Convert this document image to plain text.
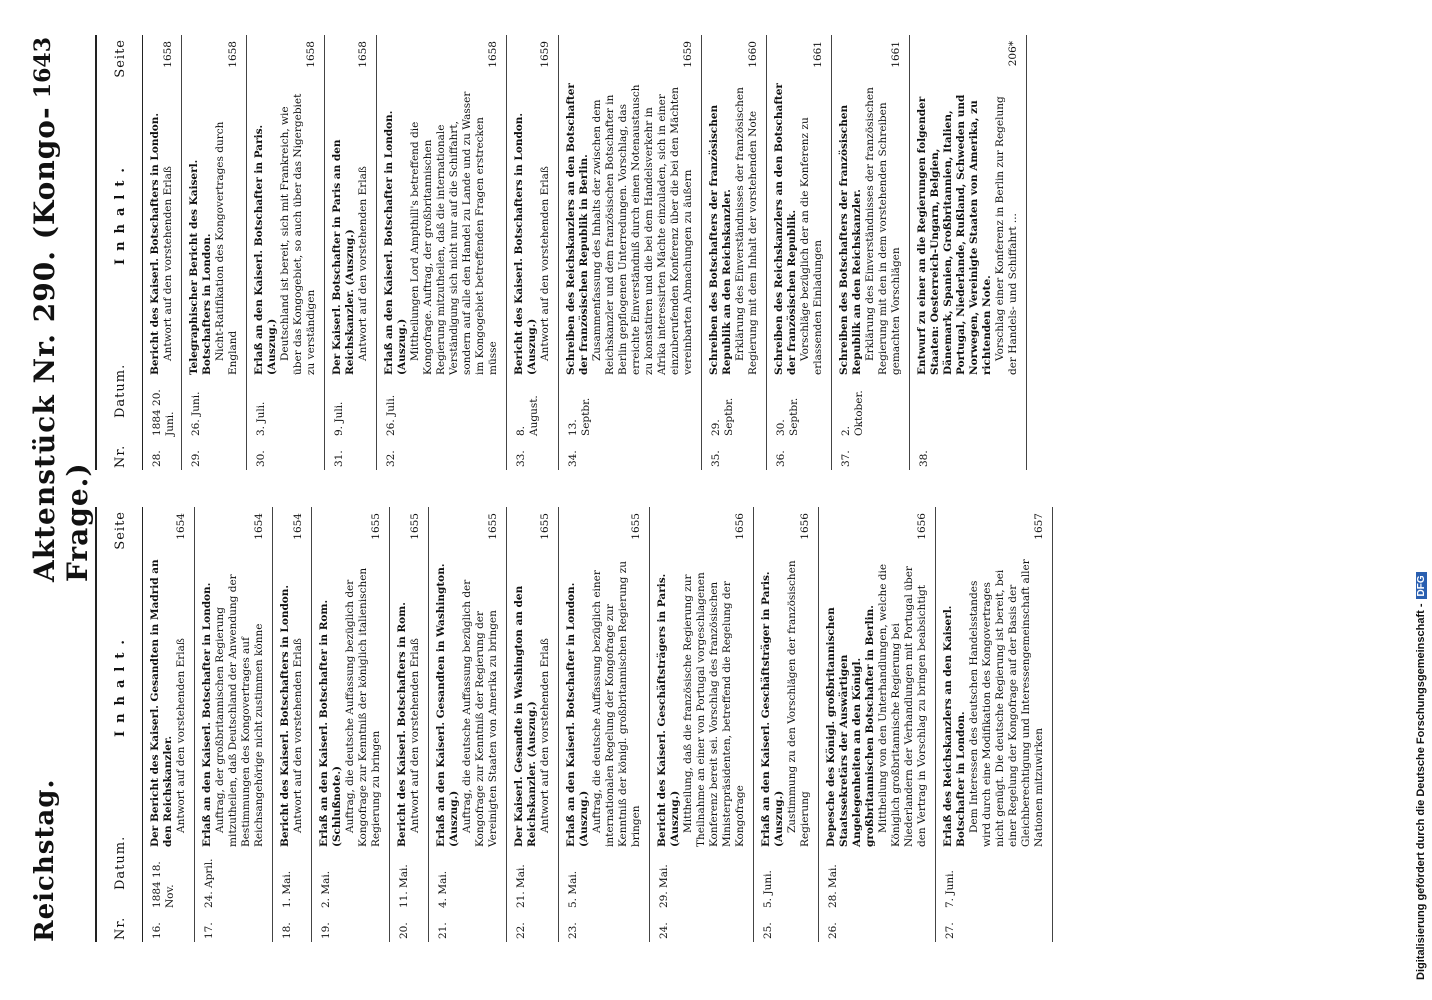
Reichstag.
Aktenstück Nr. 290. (Kongo-Frage.)
1643
Nr.
Datum.
Inhalt.
Seite
16.
1884 18. Nov.
Der Bericht des Kaiserl. Gesandten in Madrid an den Reichskanzler. Antwort auf den vorstehenden Erlaß
1654
17.
24. April.
Erlaß an den Kaiserl. Botschafter in London. Auftrag, der großbritannischen Regierung mitzutheilen, daß Deutschland der Anwendung der Bestimmungen des Kongovertrages auf Reichsangehörige nicht zustimmen könne
1654
18.
1. Mai.
Bericht des Kaiserl. Botschafters in London. Antwort auf den vorstehenden Erlaß
1654
19.
2. Mai.
Erlaß an den Kaiserl. Botschafter in Rom. (Schlußnote.) Auftrag, die deutsche Auffassung bezüglich der Kongofrage zur Kenntniß der königlich italienischen Regierung zu bringen
1655
20.
11. Mai.
Bericht des Kaiserl. Botschafters in Rom. Antwort auf den vorstehenden Erlaß
1655
21.
4. Mai.
Erlaß an den Kaiserl. Gesandten in Washington. (Auszug.) Auftrag, die deutsche Auffassung bezüglich der Kongofrage zur Kenntniß der Regierung der Vereinigten Staaten von Amerika zu bringen
1655
22.
21. Mai.
Der Kaiserl. Gesandte in Washington an den Reichskanzler. (Auszug.) Antwort auf den vorstehenden Erlaß
1655
23.
5. Mai.
Erlaß an den Kaiserl. Botschafter in London. (Auszug.) Auftrag, die deutsche Auffassung bezüglich einer internationalen Regelung der Kongofrage zur Kenntniß der königl. großbritannischen Regierung zu bringen
1655
24.
29. Mai.
Bericht des Kaiserl. Geschäftsträgers in Paris. (Auszug.) Mittheilung, daß die französische Regierung zur Theilnahme an einer von Portugal vorgeschlagenen Konferenz bereit sei. Vorschlag des französischen Ministerpräsidenten, betreffend die Regelung der Kongofrage
1656
25.
5. Juni.
Erlaß an den Kaiserl. Geschäftsträger in Paris. (Auszug.) Zustimmung zu den Vorschlägen der französischen Regierung
1656
26.
28. Mai.
Depesche des Königl. großbritannischen Staatssekretärs der Auswärtigen Angelegenheiten an den Königl. großbritannischen Botschafter in Berlin. Mittheilung von den Unterhandlungen, welche die Königlich großbritannische Regierung bei Niederlandern der Verhandlungen mit Portugal über den Vertrag in Vorschlag zu bringen beabsichtigt
1656
27.
7. Juni.
Erlaß des Reichskanzlers an den Kaiserl. Botschafter in London. Dem Interessen des deutschen Handelsstandes wird durch eine Modifikation des Kongovertrages nicht genügt. Die deutsche Regierung ist bereit, bei einer Regelung der Kongofrage auf der Basis der Gleichberechtigung und Interessengemeinschaft aller Nationen mitzuwirken
1657
Nr.
Datum.
Inhalt.
Seite
28.
1884 20. Juni.
Bericht des Kaiserl. Botschafters in London. Antwort auf den vorstehenden Erlaß
1658
29.
26. Juni.
Telegraphischer Bericht des Kaiserl. Botschafters in London. Nicht-Ratifikation des Kongovertrages durch England
1658
30.
3. Juli.
Erlaß an den Kaiserl. Botschafter in Paris. (Auszug.) Deutschland ist bereit, sich mit Frankreich, wie über das Kongogebiet, so auch über das Nigergebiet zu verständigen
1658
31.
9. Juli.
Der Kaiserl. Botschafter in Paris an den Reichskanzler. (Auszug.) Antwort auf den vorstehenden Erlaß
1658
32.
26. Juli.
Erlaß an den Kaiserl. Botschafter in London. (Auszug.) Mittheilungen Lord Ampthill's betreffend die Kongofrage. Auftrag, der großbritannischen Regierung mitzutheilen, daß die internationale Verständigung sich nicht nur auf die Schiffahrt, sondern auf alle den Handel zu Lande und zu Wasser im Kongogebiet betreffenden Fragen erstrecken müsse
1658
33.
8. August.
Bericht des Kaiserl. Botschafters in London. (Auszug.) Antwort auf den vorstehenden Erlaß
1659
34.
13. Septbr.
Schreiben des Reichskanzlers an den Botschafter der französischen Republik in Berlin. Zusammenfassung des Inhalts der zwischen dem Reichskanzler und dem französischen Botschafter in Berlin gepflogenen Unterredungen. Vorschlag, das erreichte Einverständniß durch einen Notenaustausch zu konstatiren und die bei dem Handelsverkehr in Afrika interessirten Mächte einzuladen, sich in einer einzuberufenden Konferenz über die bei den Mächten vereinbarten Abmachungen zu äußern
1659
35.
29. Septbr.
Schreiben des Botschafters der französischen Republik an den Reichskanzler. Erklärung des Einverständnisses der französischen Regierung mit dem Inhalt der vorstehenden Note
1660
36.
30. Septbr.
Schreiben des Reichskanzlers an den Botschafter der französischen Republik. Vorschläge bezüglich der an die Konferenz zu erlassenden Einladungen
1661
37.
2. Oktober.
Schreiben des Botschafters der französischen Republik an den Reichskanzler. Erklärung des Einverständnisses der französischen Regierung mit den in dem vorstehenden Schreiben gemachten Vorschlägen
1661
38.
Entwurf zu einer an die Regierungen folgender Staaten: Oesterreich-Ungarn, Belgien, Dänemark, Spanien, Großbritannien, Italien, Portugal, Niederlande, Rußland, Schweden und Norwegen, Vereinigte Staaten von Amerika, zu richtenden Note. Vorschlag einer Konferenz in Berlin zur Regelung der Handels- und Schiffahrt ...
206*
Digitalisierung gefördert durch die Deutsche Forschungsgemeinschaft -DFG
